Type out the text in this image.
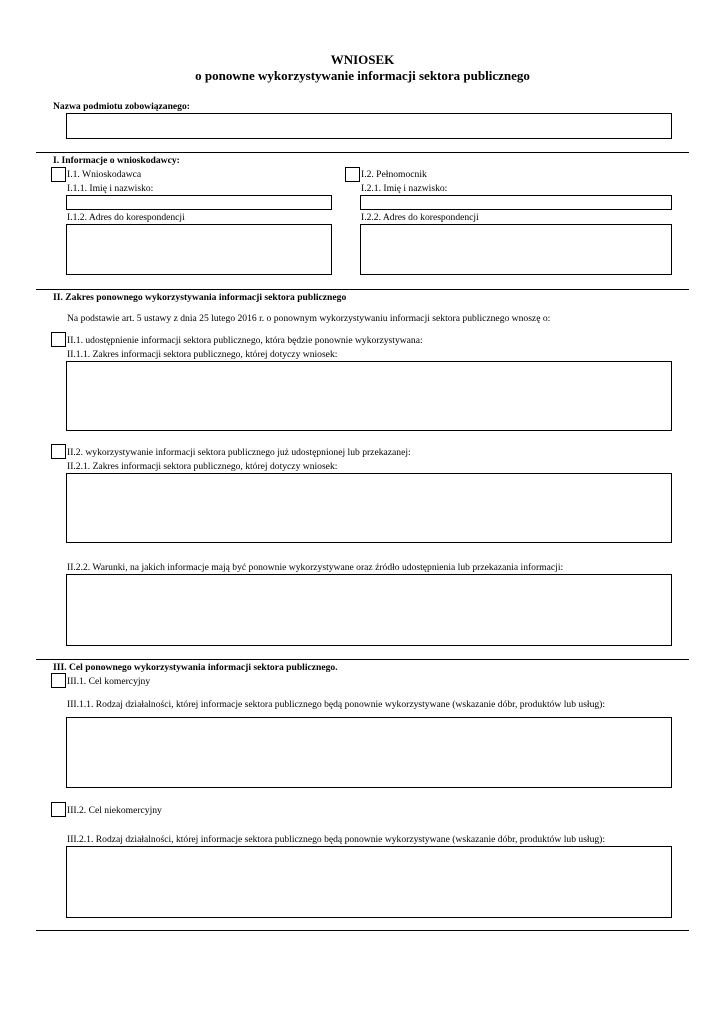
WNIOSEK
o ponowne wykorzystywanie informacji sektora publicznego
Nazwa podmiotu zobowiązanego:
I. Informacje o wnioskodawcy:
I.1. Wnioskodawca
I.1.1. Imię i nazwisko:
I.1.2. Adres do korespondencji
I.2. Pełnomocnik
I.2.1. Imię i nazwisko:
I.2.2. Adres do korespondencji
II. Zakres ponownego wykorzystywania informacji sektora publicznego
Na podstawie art. 5 ustawy z dnia 25 lutego 2016 r. o ponownym wykorzystywaniu informacji sektora publicznego wnoszę o:
II.1. udostępnienie informacji sektora publicznego, która będzie ponownie wykorzystywana:
II.1.1. Zakres informacji sektora publicznego, której dotyczy wniosek:
II.2. wykorzystywanie informacji sektora publicznego już udostępnionej lub przekazanej:
II.2.1. Zakres informacji sektora publicznego, której dotyczy wniosek:
II.2.2. Warunki, na jakich informacje mają być ponownie wykorzystywane oraz źródło udostępnienia lub przekazania informacji:
III. Cel ponownego wykorzystywania informacji sektora publicznego.
III.1. Cel komercyjny
III.1.1. Rodzaj działalności, której informacje sektora publicznego będą ponownie wykorzystywane (wskazanie dóbr, produktów lub usług):
III.2. Cel niekomercyjny
III.2.1. Rodzaj działalności, której informacje sektora publicznego będą ponownie wykorzystywane (wskazanie dóbr, produktów lub usług):
